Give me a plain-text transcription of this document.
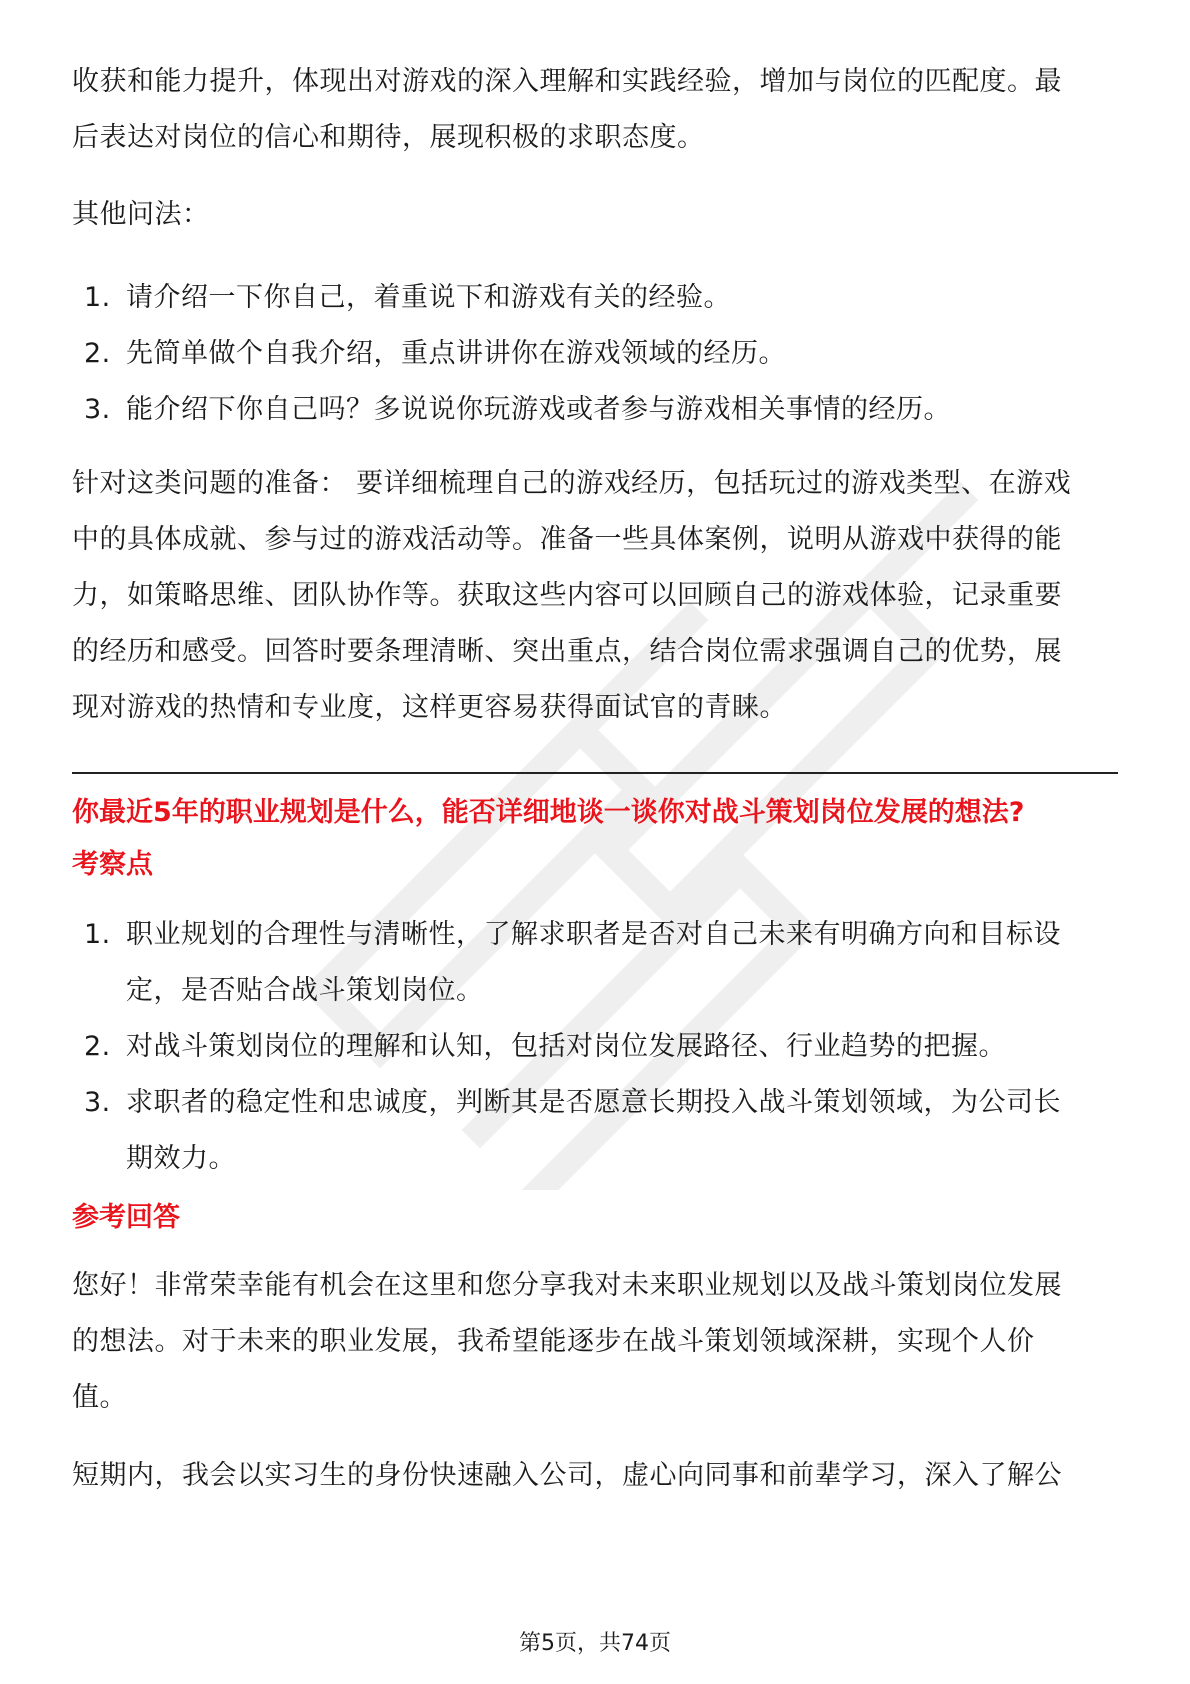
收获和能力提升，体现出对游戏的深入理解和实践经验，增加与岗位的匹配度。最

后表达对岗位的信心和期待，展现积极的求职态度。

其他问法：

1. 请介绍一下你自己，着重说下和游戏有关的经验。
2. 先简单做个自我介绍，重点讲讲你在游戏领域的经历。
3. 能介绍下你自己吗？多说说你玩游戏或者参与游戏相关事情的经历。

针对这类问题的准备： 要详细梳理自己的游戏经历，包括玩过的游戏类型、在游戏

中的具体成就、参与过的游戏活动等。准备一些具体案例，说明从游戏中获得的能

力，如策略思维、团队协作等。获取这些内容可以回顾自己的游戏体验，记录重要

的经历和感受。回答时要条理清晰、突出重点，结合岗位需求强调自己的优势，展

现对游戏的热情和专业度，这样更容易获得面试官的青睐。

你最近5年的职业规划是什么，能否详细地谈一谈你对战斗策划岗位发展的想法?

考察点

1. 职业规划的合理性与清晰性，了解求职者是否对自己未来有明确方向和目标设
定，是否贴合战斗策划岗位。
2. 对战斗策划岗位的理解和认知，包括对岗位发展路径、行业趋势的把握。
3. 求职者的稳定性和忠诚度，判断其是否愿意长期投入战斗策划领域，为公司长
期效力。

参考回答

您好！非常荣幸能有机会在这里和您分享我对未来职业规划以及战斗策划岗位发展

的想法。对于未来的职业发展，我希望能逐步在战斗策划领域深耕，实现个人价

值。

短期内，我会以实习生的身份快速融入公司，虚心向同事和前辈学习，深入了解公

第5页，共74页
